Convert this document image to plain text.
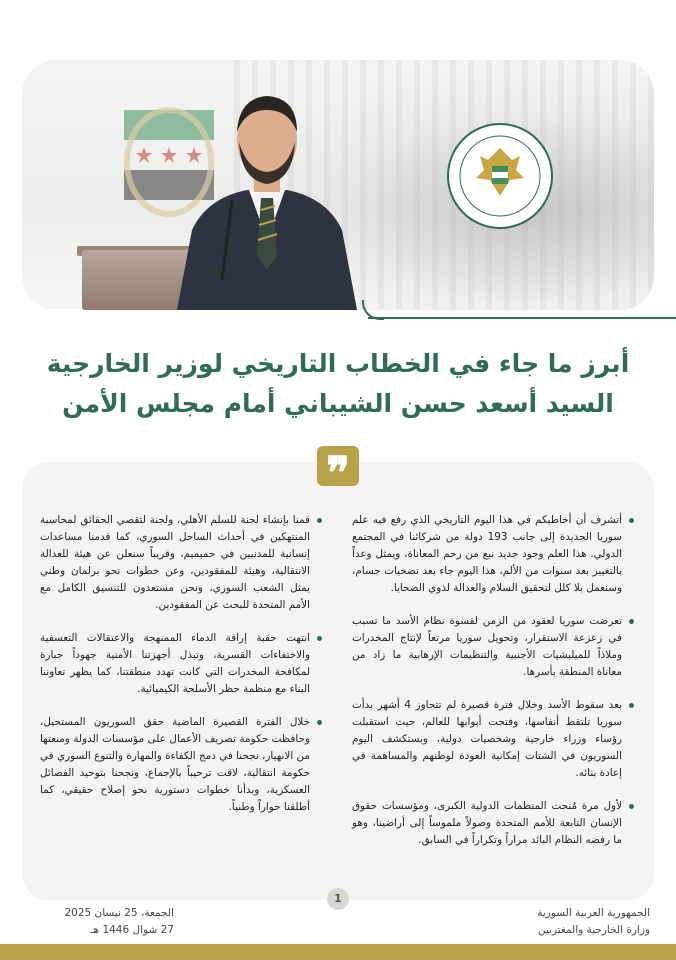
أبرز ما جاء في الخطاب التاريخي لوزير الخارجية
السيد أسعد حسن الشيباني أمام مجلس الأمن
❞
أتشرف أن أخاطبكم في هذا اليوم التاريخي الذي رفع فيه علم سوريا الجديدة إلى جانب 193 دولة من شركائنا في المجتمع الدولي. هذا العلم وجود جديد نبع من رحم المعاناة، ويمثل وعداً بالتغيير بعد سنوات من الألم، هذا اليوم جاء بعد تضحيات جسام، وسنعمل بلا كلل لتحقيق السلام والعدالة لذوي الضحايا.
تعرضت سوريا لعقود من الزمن لقسوة نظام الأسد ما تسبب في زعزعة الاستقرار، وتحويل سوريا مرتعاً لإنتاج المخدرات وملاذاً للميليشيات الأجنبية والتنظيمات الإرهابية ما زاد من معاناة المنطقة بأسرها.
بعد سقوط الأسد وخلال فترة قصيرة لم تتجاوز 4 أشهر بدأت سوريا تلتقط أنفاسها، وفتحت أبوابها للعالم، حيث استقبلت رؤساء وزراء خارجية وشخصيات دولية، وبستكشف اليوم السوريون في الشتات إمكانية العودة لوطنهم والمساهمة في إعادة بنائه.
لأول مرة مُنحت المنظمات الدولية الكبرى، ومؤسسات حقوق الإنسان التابعة للأمم المتحدة وصولاً ملموساً إلى أراضينا، وهو ما رفضه النظام البائد مراراً وتكراراً في السابق.
قمنا بإنشاء لجنة للسلم الأهلي، ولجنة لتقصي الحقائق لمحاسبة المنتهكين في أحداث الساحل السوري، كما قدمنا مساعدات إنسانية للمدنيين في حميميم، وقريباً سنعلن عن هيئة للعدالة الانتقالية، وهيئة للمفقودين، وعن خطوات نحو برلمان وطني يمثل الشعب السوري، ونحن مستعدون للتنسيق الكامل مع الأمم المتحدة للبحث عن المفقودين.
انتهت حقبة إراقة الدماء الممنهجة والاعتقالات التعسفية والاختفاءات القسرية، وتبذل أجهزتنا الأمنية جهوداً جبارة لمكافحة المخدرات التي كانت تهدد منطقتنا، كما يظهر تعاوننا البناء مع منظمة حظر الأسلحة الكيميائية.
خلال الفترة القصيرة الماضية حقق السوريون المستحيل، وحافظت حكومة تصريف الأعمال على مؤسسات الدولة ومنعتها من الانهيار، نجحنا في دمج الكفاءة والمهارة والتنوع السوري في حكومة انتقالية، لاقت ترحيباً بالإجماع، ونجحنا بتوحيد الفصائل العسكرية، وبدأنا خطوات دستورية نحو إصلاح حقيقي، كما أطلقنا حواراً وطنياً.
1
الجمهورية العربية السورية
وزارة الخارجية والمغتربين
الجمعة، 25 نيسان 2025
27 شوال 1446 هـ
